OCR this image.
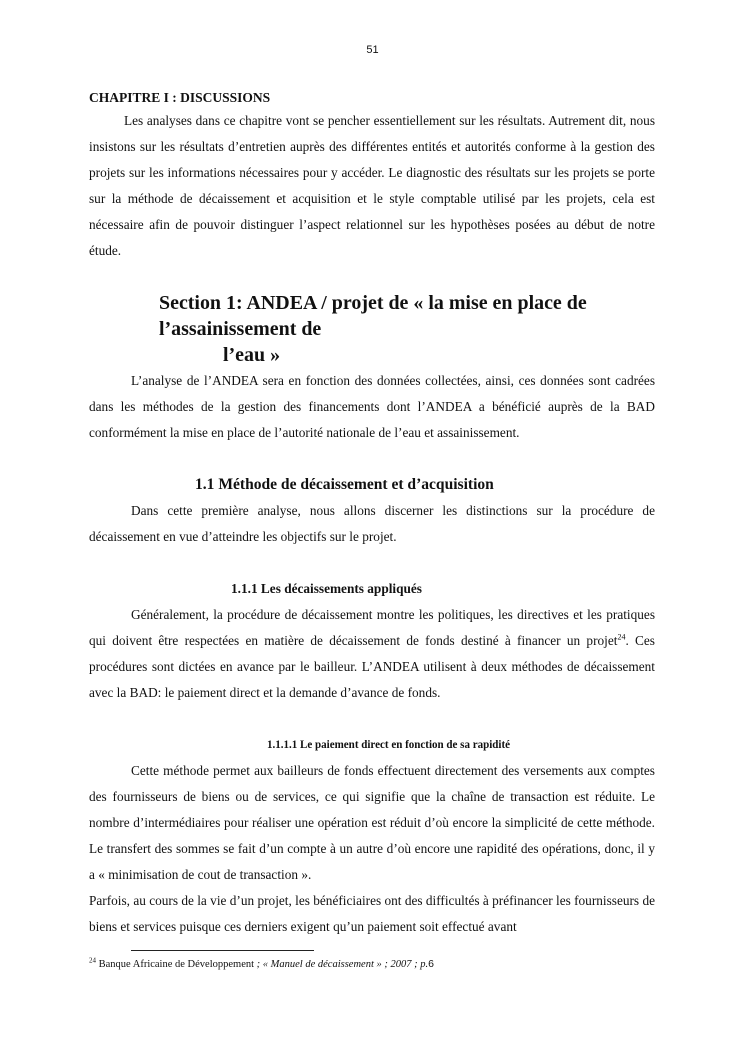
51
CHAPITRE I : DISCUSSIONS

Les analyses dans ce chapitre vont se pencher essentiellement sur les résultats. Autrement dit, nous insistons sur les résultats d’entretien auprès des différentes entités et autorités conforme à la gestion des projets sur les informations nécessaires pour y accéder. Le diagnostic des résultats sur les projets se porte sur la méthode de décaissement et acquisition et le style comptable utilisé par les projets, cela est nécessaire afin de pouvoir distinguer l’aspect relationnel sur les hypothèses posées au début de notre étude.

Section 1: ANDEA / projet de « la mise en place de l’assainissement de
l’eau »

L’analyse de l’ANDEA sera en fonction des données collectées, ainsi, ces données sont cadrées dans les méthodes de la gestion des financements dont l’ANDEA a bénéficié auprès de la BAD conformément la mise en place de l’autorité nationale de l’eau et assainissement.

1.1 Méthode de décaissement et d’acquisition

Dans cette première analyse, nous allons discerner les distinctions sur la procédure de décaissement en vue d’atteindre les objectifs sur le projet.

1.1.1 Les décaissements appliqués

Généralement, la procédure de décaissement montre les politiques, les directives et les pratiques qui doivent être respectées en matière de décaissement de fonds destiné à financer un projet$^{24}$. Ces procédures sont dictées en avance par le bailleur. L’ANDEA utilisent à deux méthodes de décaissement avec la BAD: le paiement direct et la demande d’avance de fonds.

1.1.1.1 Le paiement direct en fonction de sa rapidité

Cette méthode permet aux bailleurs de fonds effectuent directement des versements aux comptes des fournisseurs de biens ou de services, ce qui signifie que la chaîne de transaction est réduite. Le nombre d’intermédiaires pour réaliser une opération est réduit d’où encore la simplicité de cette méthode. Le transfert des sommes se fait d’un compte à un autre d’où encore une rapidité des opérations, donc, il y a « minimisation de cout de transaction ».

Parfois, au cours de la vie d’un projet, les bénéficiaires ont des difficultés à préfinancer les fournisseurs de biens et services puisque ces derniers exigent qu’un paiement soit effectué avant

$^{24}$ Banque Africaine de Développement ; « Manuel de décaissement » ; 2007 ; p.6
